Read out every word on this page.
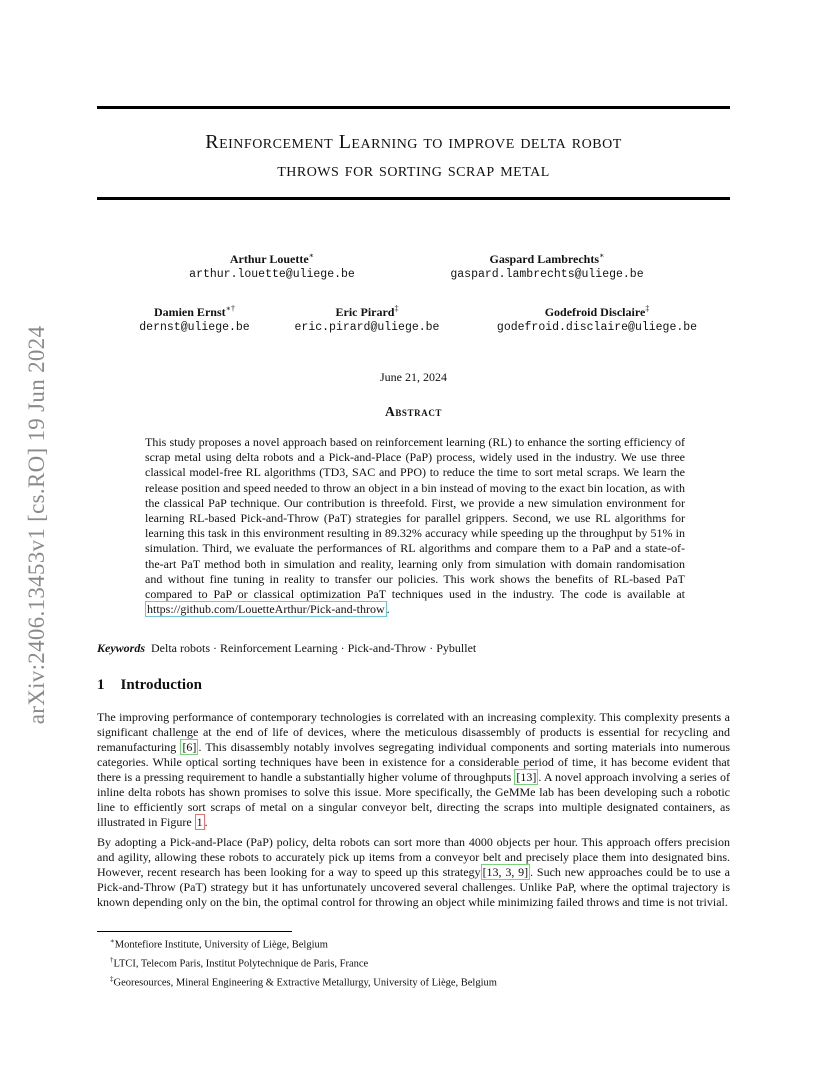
arXiv:2406.13453v1 [cs.RO] 19 Jun 2024
Reinforcement Learning to improve delta robot
throws for sorting scrap metal
Arthur Louette∗
arthur.louette@uliege.be
Gaspard Lambrechts∗
gaspard.lambrechts@uliege.be
Damien Ernst∗†
dernst@uliege.be
Eric Pirard‡
eric.pirard@uliege.be
Godefroid Disclaire‡
godefroid.disclaire@uliege.be
June 21, 2024
Abstract
This study proposes a novel approach based on reinforcement learning (RL) to enhance the sorting efficiency of scrap metal using delta robots and a Pick-and-Place (PaP) process, widely used in the industry. We use three classical model-free RL algorithms (TD3, SAC and PPO) to reduce the time to sort metal scraps. We learn the release position and speed needed to throw an object in a bin instead of moving to the exact bin location, as with the classical PaP technique. Our contribution is threefold. First, we provide a new simulation environment for learning RL-based Pick-and-Throw (PaT) strategies for parallel grippers. Second, we use RL algorithms for learning this task in this environment resulting in 89.32% accuracy while speeding up the throughput by 51% in simulation. Third, we evaluate the performances of RL algorithms and compare them to a PaP and a state-of-the-art PaT method both in simulation and reality, learning only from simulation with domain randomisation and without fine tuning in reality to transfer our policies. This work shows the benefits of RL-based PaT compared to PaP or classical optimization PaT techniques used in the industry. The code is available at https://github.com/LouetteArthur/Pick-and-throw .
Keywords Delta robots · Reinforcement Learning · Pick-and-Throw · Pybullet
1 Introduction
The improving performance of contemporary technologies is correlated with an increasing complexity. This complexity presents a significant challenge at the end of life of devices, where the meticulous disassembly of products is essential for recycling and remanufacturing [6] . This disassembly notably involves segregating individual components and sorting materials into numerous categories. While optical sorting techniques have been in existence for a considerable period of time, it has become evident that there is a pressing requirement to handle a substantially higher volume of throughputs [13] . A novel approach involving a series of inline delta robots has shown promises to solve this issue. More specifically, the GeMMe lab has been developing such a robotic line to efficiently sort scraps of metal on a singular conveyor belt, directing the scraps into multiple designated containers, as illustrated in Figure 1 .
By adopting a Pick-and-Place (PaP) policy, delta robots can sort more than 4000 objects per hour. This approach offers precision and agility, allowing these robots to accurately pick up items from a conveyor belt and precisely place them into designated bins. However, recent research has been looking for a way to speed up this strategy [13, 3, 9] . Such new approaches could be to use a Pick-and-Throw (PaT) strategy but it has unfortunately uncovered several challenges. Unlike PaP, where the optimal trajectory is known depending only on the bin, the optimal control for throwing an object while minimizing failed throws and time is not trivial.
∗Montefiore Institute, University of Liège, Belgium
†LTCI, Telecom Paris, Institut Polytechnique de Paris, France
‡Georesources, Mineral Engineering & Extractive Metallurgy, University of Liège, Belgium
